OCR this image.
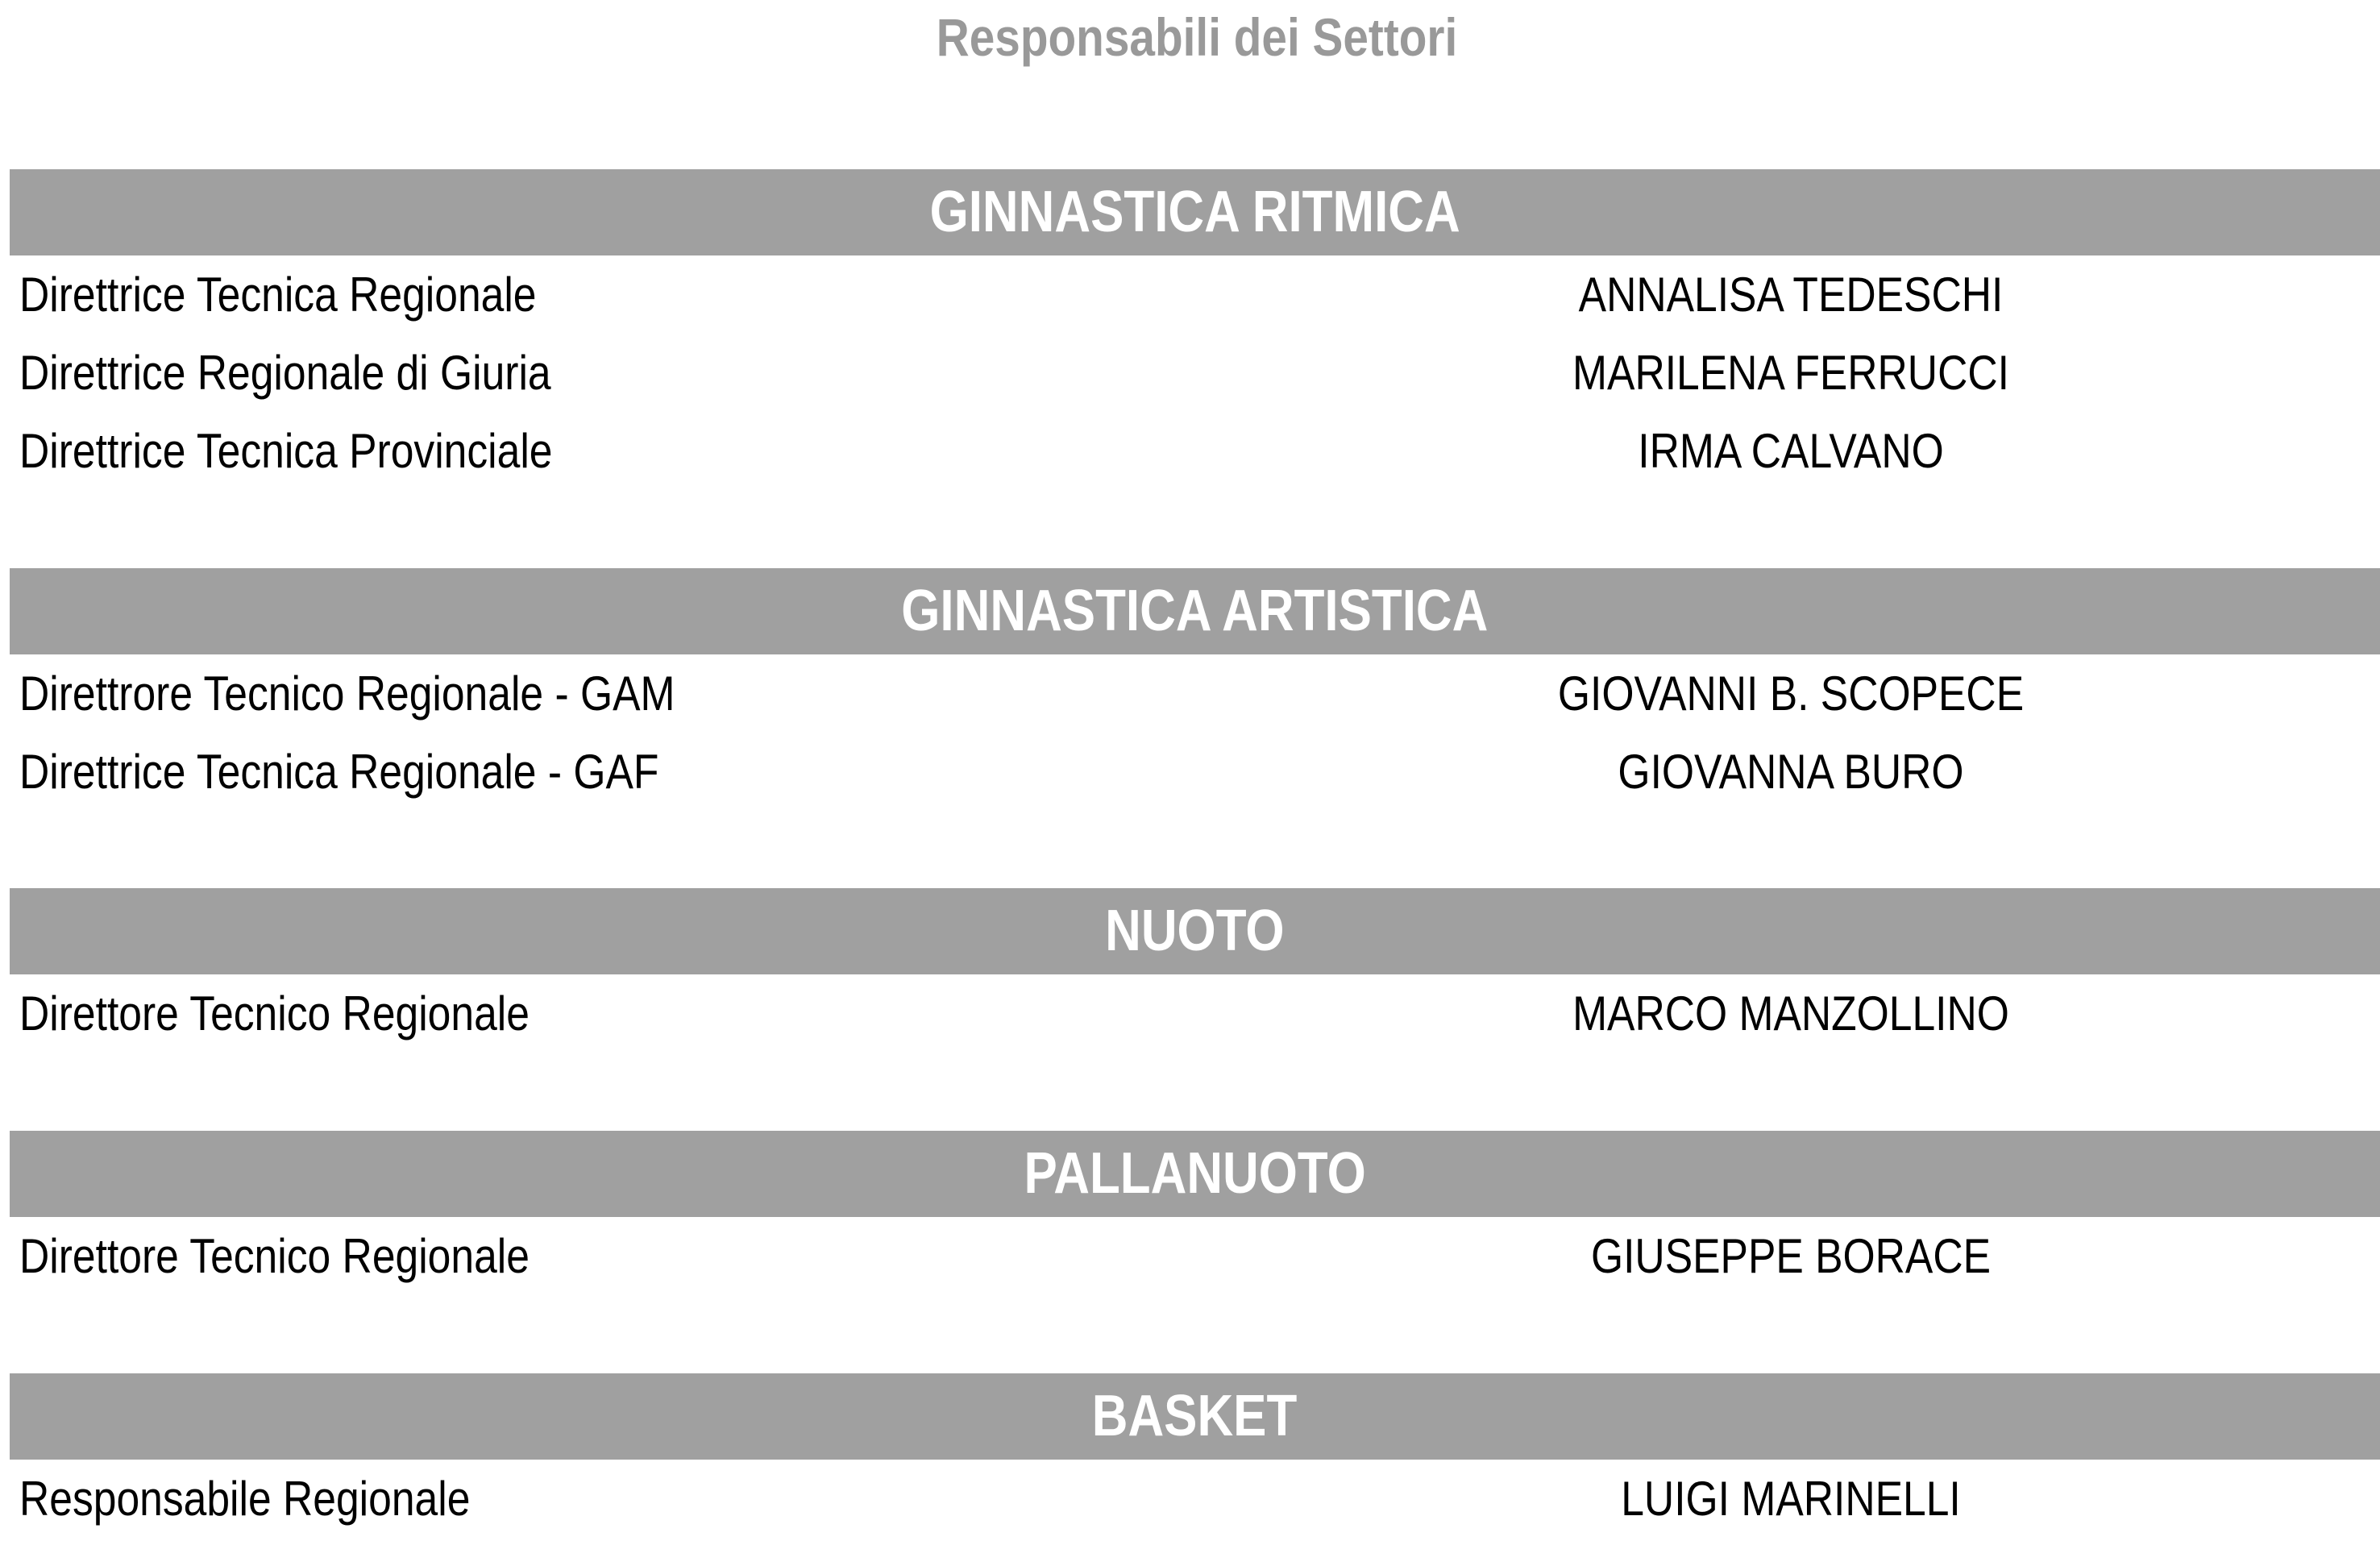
Responsabili dei Settori
GINNASTICA RITMICA
Direttrice Tecnica Regionale	ANNALISA TEDESCHI
Direttrice Regionale di Giuria	MARILENA FERRUCCI
Direttrice Tecnica Provinciale	IRMA CALVANO
GINNASTICA ARTISTICA
Direttrore Tecnico Regionale - GAM	GIOVANNI B. SCOPECE
Direttrice Tecnica Regionale - GAF	GIOVANNA BURO
NUOTO
Direttore Tecnico Regionale	MARCO MANZOLLINO
PALLANUOTO
Direttore Tecnico Regionale	GIUSEPPE BORACE
BASKET
Responsabile Regionale	LUIGI MARINELLI
